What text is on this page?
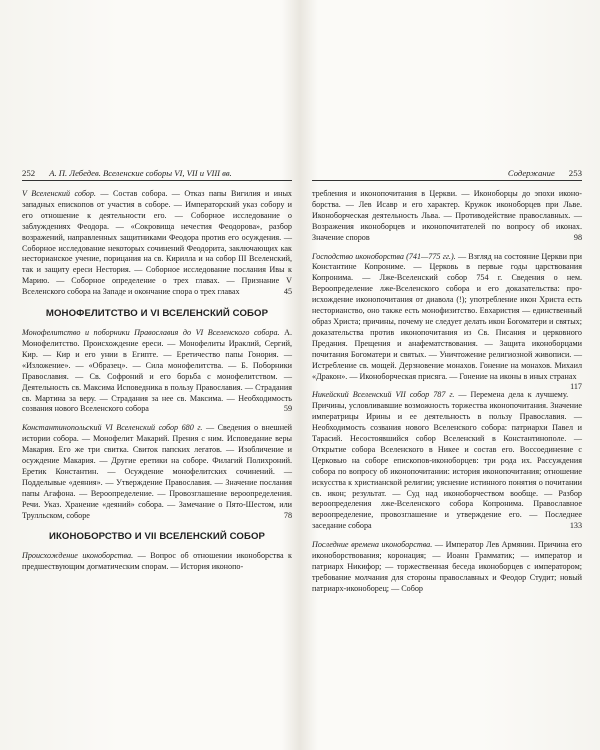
252 А. П. Лебедев. Вселенские соборы VI, VII и VIII вв.

V Вселенский собор. — Состав собора. — Отказ папы Вигилия и иных западных епископов от участия в соборе. — Императорский указ собору и его отношение к деятельности его. — Соборное исследование о заблуждениях Феодора. — «Сокровища нечестия Феодорова», разбор возражений, направленных защитниками Феодора против его осуждения. — Соборное исследование некоторых сочинений Феодорита, заключающих как несторианское учение, порицания на св. Кирилла и на собор III Вселенский, так и защиту ереси Нестория. — Соборное исследование послания Ивы к Марию. — Соборное определение о трех главах. — Признание V Вселенского собора на Западе и окончание спора о трех главах	45

МОНОФЕЛИТСТВО И VI ВСЕЛЕНСКИЙ СОБОР

Монофелитство и поборники Православия до VI Вселенского собора. А. Монофелитство. Происхождение ереси. — Монофелиты Ираклий, Сергий, Кир. — Кир и его унии в Египте. — Еретичество папы Гонория. — «Изложение». — «Образец». — Сила монофелитства. — Б. Поборники Православия. — Св. Софроний и его борьба с монофелитством. — Деятельность св. Максима Исповедника в пользу Православия. — Страдания св. Мартина за веру. — Страдания за нее св. Максима. — Необходимость созвания нового Вселенского собора	59

Константинопольский VI Вселенский собор 680 г. — Сведения о внешней истории собора. — Монофелит Макарий. Прения с ним. Исповедание веры Макария. Его же три свитка. Свиток папских легатов. — Изобличение и осуждение Макария. — Другие еретики на соборе. Филагий Полихроний. Еретик Константин. — Осуждение монофелитских сочинений. — Подделывые «деяния». — Утверждение Православия. — Значение послания папы Агафона. — Вероопределение. — Провозглашение вероопределения. Речи. Указ. Хранение «деяний» собора. — Замечание о Пято-Шестом, или Трулльском, соборе	78

ИКОНОБОРСТВО И VII ВСЕЛЕНСКИЙ СОБОР

Происхождение иконоборства. — Вопрос об отношении иконоборства к предшествующим догматическим спорам. — История иконопо-

Содержание 253

требления и иконопочитания в Церкви. — Иконоборцы до эпохи иконоборства. — Лев Исавр и его характер. Кружок иконоборцев при Льве. Иконоборческая деятельность Льва. — Противодействие православных. — Возражения иконоборцев и иконопочитателей по вопросу об иконах. Значение споров	98

Господство иконоборства (741—775 гг.). — Взгляд на состояние Церкви при Константине Копрониме. — Церковь в первые годы царствования Копронима. — Лже-Вселенский собор 754 г. Сведения о нем. Вероопределение лже-Вселенского собора и его доказательства: происхождение иконопочитания от диавола (!); употребление икон Христа есть несторианство, оно также есть монофизитство. Евхаристия — единственный образ Христа; причины, почему не следует делать икон Богоматери и святых; доказательства против иконопочитания из Св. Писания и церковного Предания. Прещения и анафематствования. — Защита иконоборцами почитания Богоматери и святых. — Уничтожение религиозной живописи. — Истребление св. мощей. Дерзновение монахов. Гонение на монахов. Михаил «Дракон». — Иконоборческая присяга. — Гонение на иконы в иных странах
117

Никейский Вселенский VII собор 787 г. — Перемена дела к лучшему. Причины, условливавшие возможность торжества иконопочитания. Значение императрицы Ирины и ее деятельность в пользу Православия. — Необходимость созвания нового Вселенского собора: патриархи Павел и Тарасий. Несостоявшийся собор Вселенский в Константинополе. — Открытие собора Вселенского в Никее и состав его. Воссоединение с Церковью на соборе епископов-иконоборцев: три рода их. Рассуждения собора по вопросу об иконопочитании: история иконопочитания; отношение искусства к христианской религии; уяснение истинного понятия о почитании св. икон; результат. — Суд над иконоборчеством вообще. — Разбор вероопределения лже-Вселенского собора Копронима. Православное вероопределение, провозглашение и утверждение его. — Последнее заседание собора	133

Последние времена иконоборства. — Император Лев Армянин. Причина его иконоборствования; коронация; — Иоанн Грамматик; — император и патриарх Никифор; — торжественная беседа иконоборцев с императором; требование молчания для стороны православных и Феодор Студит; новый патриарх-иконоборец; — Собор
